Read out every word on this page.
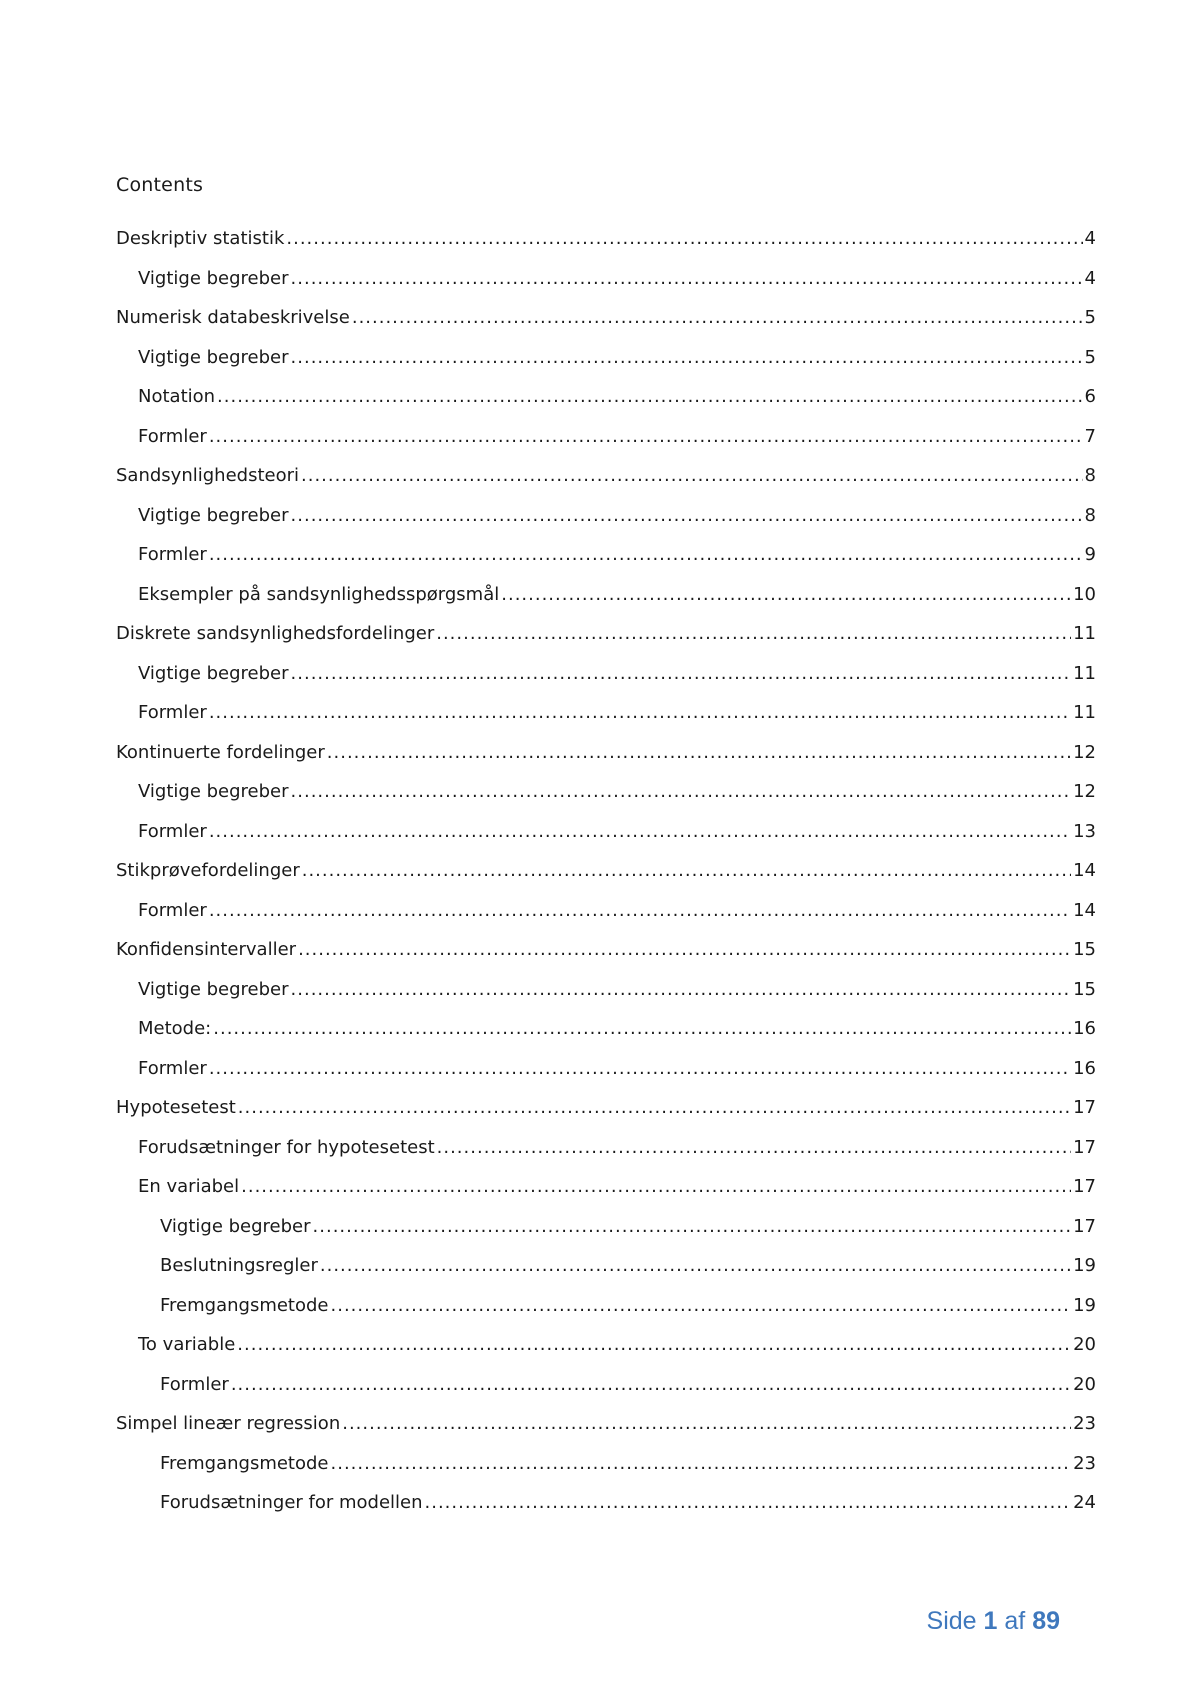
Contents
Deskriptiv statistik .....	4
Vigtige begreber .....	4
Numerisk databeskrivelse .....	5
Vigtige begreber .....	5
Notation .....	6
Formler .....	7
Sandsynlighedsteori .....	8
Vigtige begreber .....	8
Formler .....	9
Eksempler på sandsynlighedsspørgsmål .....	10
Diskrete sandsynlighedsfordelinger .....	11
Vigtige begreber .....	11
Formler .....	11
Kontinuerte fordelinger .....	12
Vigtige begreber .....	12
Formler .....	13
Stikprøvefordelinger .....	14
Formler .....	14
Konfidensintervaller .....	15
Vigtige begreber .....	15
Metode: .....	16
Formler .....	16
Hypotesetest .....	17
Forudsætninger for hypotesetest .....	17
En variabel .....	17
Vigtige begreber .....	17
Beslutningsregler .....	19
Fremgangsmetode .....	19
To variable .....	20
Formler .....	20
Simpel lineær regression .....	23
Fremgangsmetode .....	23
Forudsætninger for modellen .....	24
Side 1 af 89
